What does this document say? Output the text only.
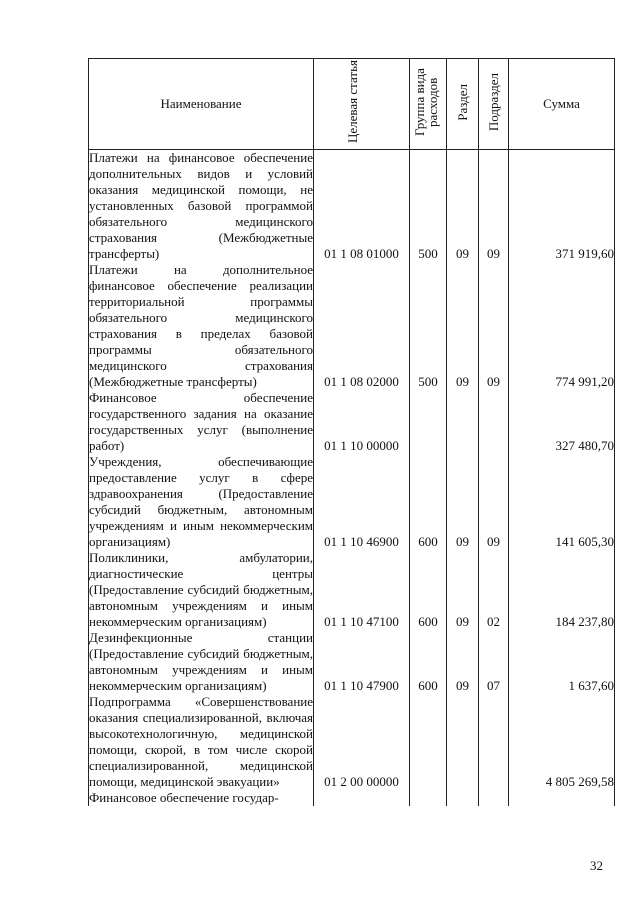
Наименование	Целевая статья	Группа вида расходов	Раздел	Подраздел	Сумма
Платежи на финансовое обеспечение дополнительных видов и условий оказания медицинской помощи, не установленных базовой программой обязательного медицинского страхования (Межбюджетные трансферты)	01 1 08 01000	500	09	09	371 919,60
Платежи на дополнительное финансовое обеспечение реализации территориальной программы обязательного медицинского страхования в пределах базовой программы обязательного медицинского страхования (Межбюджетные трансферты)	01 1 08 02000	500	09	09	774 991,20
Финансовое обеспечение государственного задания на оказание государственных услуг (выполнение работ)	01 1 10 00000				327 480,70
Учреждения, обеспечивающие предоставление услуг в сфере здравоохранения (Предоставление субсидий бюджетным, автономным учреждениям и иным некоммерческим организациям)	01 1 10 46900	600	09	09	141 605,30
Поликлиники, амбулатории, диагностические центры (Предоставление субсидий бюджетным, автономным учреждениям и иным некоммерческим организациям)	01 1 10 47100	600	09	02	184 237,80
Дезинфекционные станции (Предоставление субсидий бюджетным, автономным учреждениям и иным некоммерческим организациям)	01 1 10 47900	600	09	07	1 637,60
Подпрограмма «Совершенствование оказания специализированной, включая высокотехнологичную, медицинской помощи, скорой, в том числе скорой специализированной, медицинской помощи, медицинской эвакуации»	01 2 00 00000				4 805 269,58
Финансовое обеспечение государ-					
32
